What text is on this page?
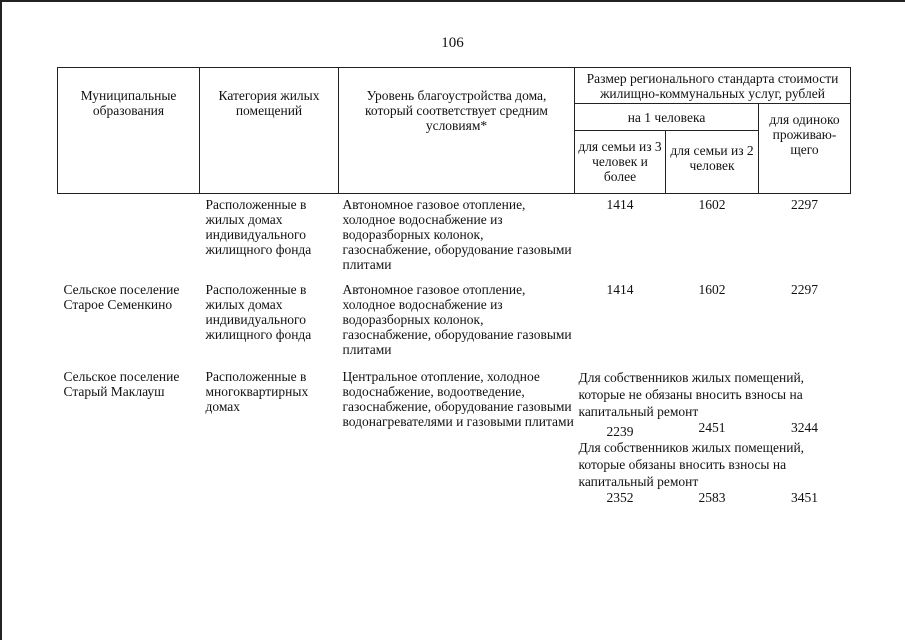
106
Муниципальные образования	Категория жилых помещений	Уровень благоустройства дома, который соответствует средним условиям*	Размер регионального стандарта стоимости жилищно-коммунальных услуг, рублей		
			на 1 человека		для одиноко проживаю-щего
			для семьи из 3 человек и более	для семьи из 2 человек	
	Расположенные в жилых домах индивидуального жилищного фонда	Автономное газовое отопление, холодное водоснабжение из водоразборных колонок, газоснабжение, оборудование газовыми плитами	1414	1602	2297
Сельское поселение Старое Семенкино	Расположенные в жилых домах индивидуального жилищного фонда	Автономное газовое отопление, холодное водоснабжение из водоразборных колонок, газоснабжение, оборудование газовыми плитами	1414	1602	2297
Сельское поселение Старый Маклауш	Расположенные в многоквартирных домах	Центральное отопление, холодное водоснабжение, водоотведение, газоснабжение, оборудование газовыми водонагревателями и газовыми плитами	Для собственников жилых помещений, которые не обязаны вносить взносы на капитальный ремонт		
			2239	2451	3244
			Для собственников жилых помещений, которые обязаны вносить взносы на капитальный ремонт		
			2352	2583	3451
